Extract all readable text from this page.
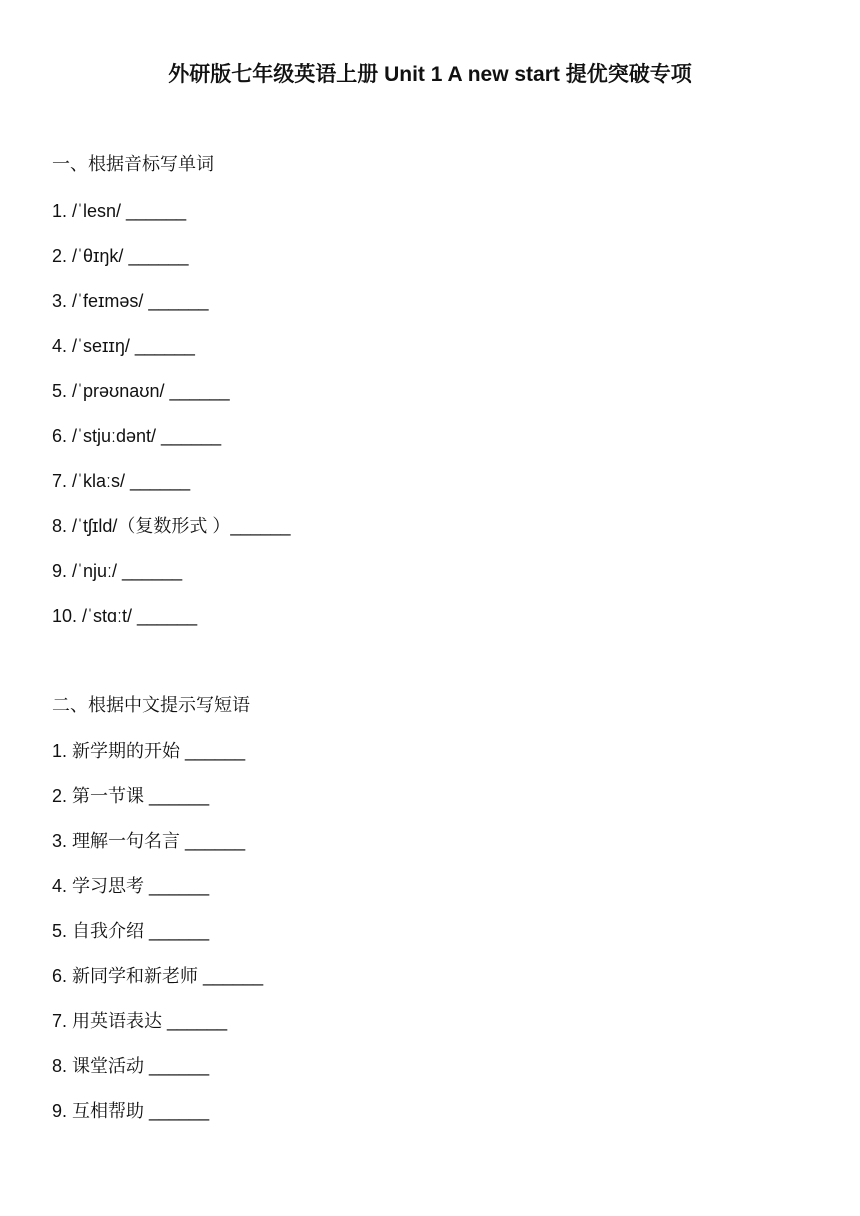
外研版七年级英语上册 Unit 1 A new start 提优突破专项
一、根据音标写单词
1. /ˈlesn/ ______
2. /ˈθɪŋk/ ______
3. /ˈfeɪməs/ ______
4. /ˈseɪɪŋ/ ______
5. /ˈprəʊnaʊn/ ______
6. /ˈstjuːdənt/ ______
7. /ˈklaːs/ ______
8. /ˈtʃɪld/（复数形式 ）______
9. /ˈnjuː/ ______
10. /ˈstɑːt/ ______
二、根据中文提示写短语
1. 新学期的开始 ______
2. 第一节课 ______
3. 理解一句名言 ______
4. 学习思考 ______
5. 自我介绍 ______
6. 新同学和新老师 ______
7. 用英语表达 ______
8. 课堂活动 ______
9. 互相帮助 ______
